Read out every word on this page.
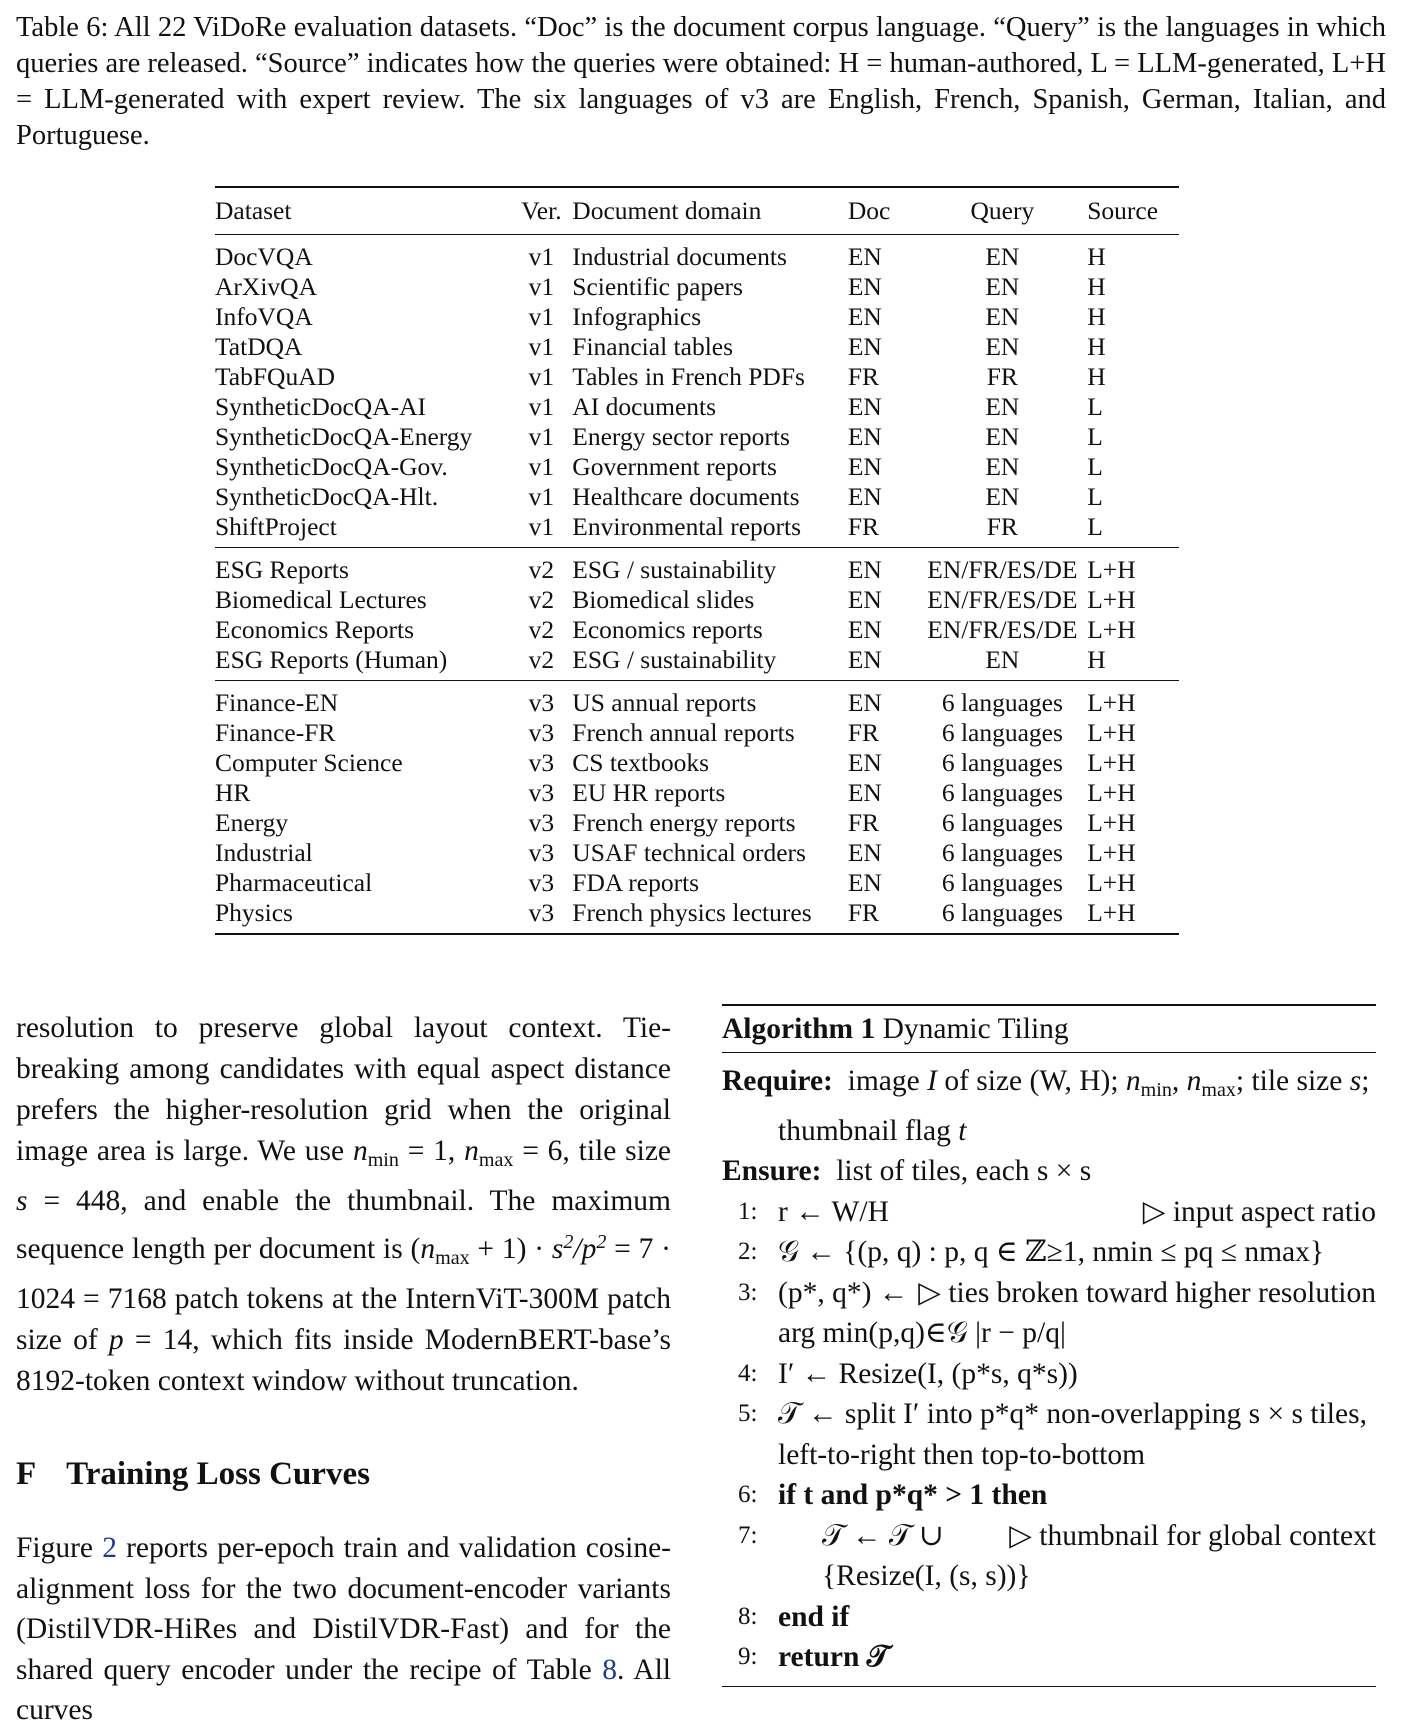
Table 6: All 22 ViDoRe evaluation datasets. “Doc” is the document corpus language. “Query” is the languages in which queries are released. “Source” indicates how the queries were obtained: H = human-authored, L = LLM-generated, L+H = LLM-generated with expert review. The six languages of v3 are English, French, Spanish, German, Italian, and Portuguese.

Dataset	Ver.	Document domain	Doc	Query	Source
DocVQA	v1	Industrial documents	EN	EN	H
ArXivQA	v1	Scientific papers	EN	EN	H
InfoVQA	v1	Infographics	EN	EN	H
TatDQA	v1	Financial tables	EN	EN	H
TabFQuAD	v1	Tables in French PDFs	FR	FR	H
SyntheticDocQA-AI	v1	AI documents	EN	EN	L
SyntheticDocQA-Energy	v1	Energy sector reports	EN	EN	L
SyntheticDocQA-Gov.	v1	Government reports	EN	EN	L
SyntheticDocQA-Hlt.	v1	Healthcare documents	EN	EN	L
ShiftProject	v1	Environmental reports	FR	FR	L
ESG Reports	v2	ESG / sustainability	EN	EN/FR/ES/DE	L+H
Biomedical Lectures	v2	Biomedical slides	EN	EN/FR/ES/DE	L+H
Economics Reports	v2	Economics reports	EN	EN/FR/ES/DE	L+H
ESG Reports (Human)	v2	ESG / sustainability	EN	EN	H
Finance-EN	v3	US annual reports	EN	6 languages	L+H
Finance-FR	v3	French annual reports	FR	6 languages	L+H
Computer Science	v3	CS textbooks	EN	6 languages	L+H
HR	v3	EU HR reports	EN	6 languages	L+H
Energy	v3	French energy reports	FR	6 languages	L+H
Industrial	v3	USAF technical orders	EN	6 languages	L+H
Pharmaceutical	v3	FDA reports	EN	6 languages	L+H
Physics	v3	French physics lectures	FR	6 languages	L+H

resolution to preserve global layout context. Tie-breaking among candidates with equal aspect distance prefers the higher-resolution grid when the original image area is large. We use $n_{min} = 1$, $n_{max} = 6$, tile size s = 448, and enable the thumbnail. The maximum sequence length per document is $(n_{max} + 1) \cdot s^2/p^2 = 7 \cdot 1024 = 7168$ patch tokens at the InternViT-300M patch size of p = 14, which fits inside ModernBERT-base’s 8192-token context window without truncation.

F Training Loss Curves

Figure 2 reports per-epoch train and validation cosine-alignment loss for the two document-encoder variants (DistilVDR-HiRes and DistilVDR-Fast) and for the shared query encoder under the recipe of Table 8. All curves

Algorithm 1 Dynamic Tiling
Require: image I of size (W, H); $n_{min}$, $n_{max}$; tile size s; thumbnail flag t
Ensure: list of tiles, each s × s
1:	▷ input aspect ratio
r ← W/H
2: 𝒢 ← {(p, q) : p, q ∈ ℤ≥1, nmin ≤ pq ≤ nmax}
3:	▷ ties broken toward higher resolution
(p*, q*) ← arg min(p,q)∈𝒢 |r − p/q|
4: I′ ← Resize(I, (p*s, q*s))
5: 𝒯 ← split I′ into p*q* non-overlapping s × s tiles, left-to-right then top-to-bottom
6: if t and p*q* > 1 then
7:	▷ thumbnail for global context
𝒯 ← 𝒯 ∪ {Resize(I, (s, s))}
8: end if
9: return 𝒯
